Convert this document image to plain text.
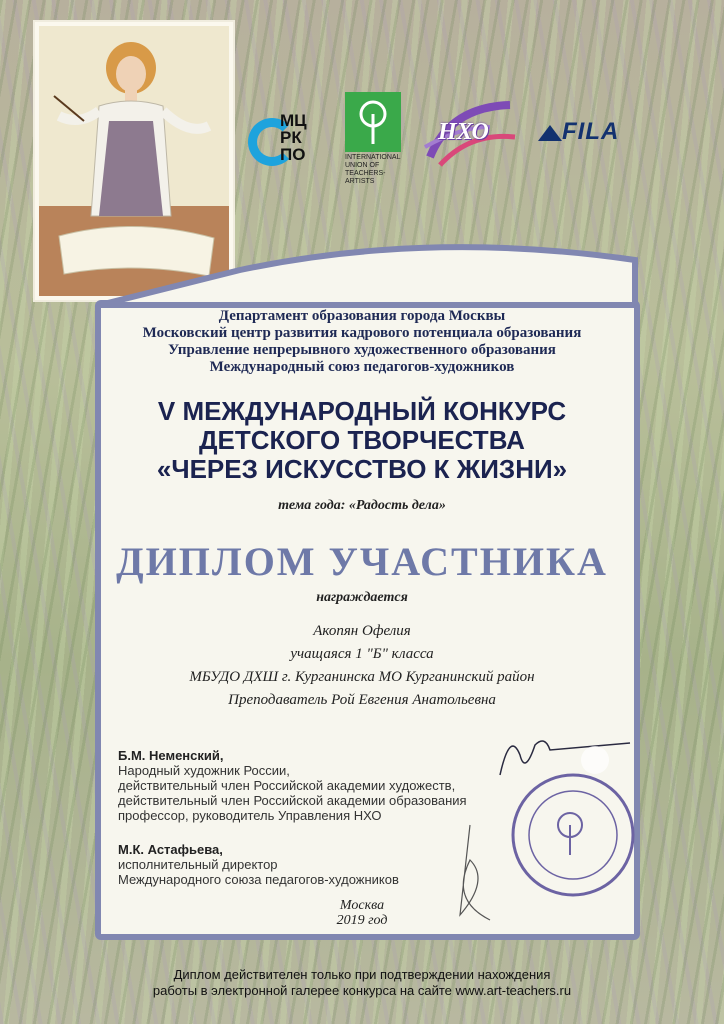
МЦ РК ПО	INTERNATIONAL UNION OF TEACHERS-ARTISTS
НХО	FILA
Департамент образования города Москвы
Московский центр развития кадрового потенциала образования
Управление непрерывного художественного образования
Международный союз педагогов-художников
V МЕЖДУНАРОДНЫЙ КОНКУРС
ДЕТСКОГО ТВОРЧЕСТВА
«ЧЕРЕЗ ИСКУССТВО К ЖИЗНИ»
тема года: «Радость дела»
ДИПЛОМ УЧАСТНИКА
награждается
Акопян Офелия
учащаяся 1 "Б" класса
МБУДО ДХШ г. Курганинска МО Курганинский район
Преподаватель Рой Евгения Анатольевна
Б.М. Неменский,
Народный художник России,
действительный член Российской академии художеств,
действительный член Российской академии образования
профессор, руководитель Управления НХО
М.К. Астафьева,
исполнительный директор
Международного союза педагогов-художников
Москва
2019 год
Диплом действителен только при подтверждении нахождения
работы в электронной галерее конкурса на сайте www.art-teachers.ru
